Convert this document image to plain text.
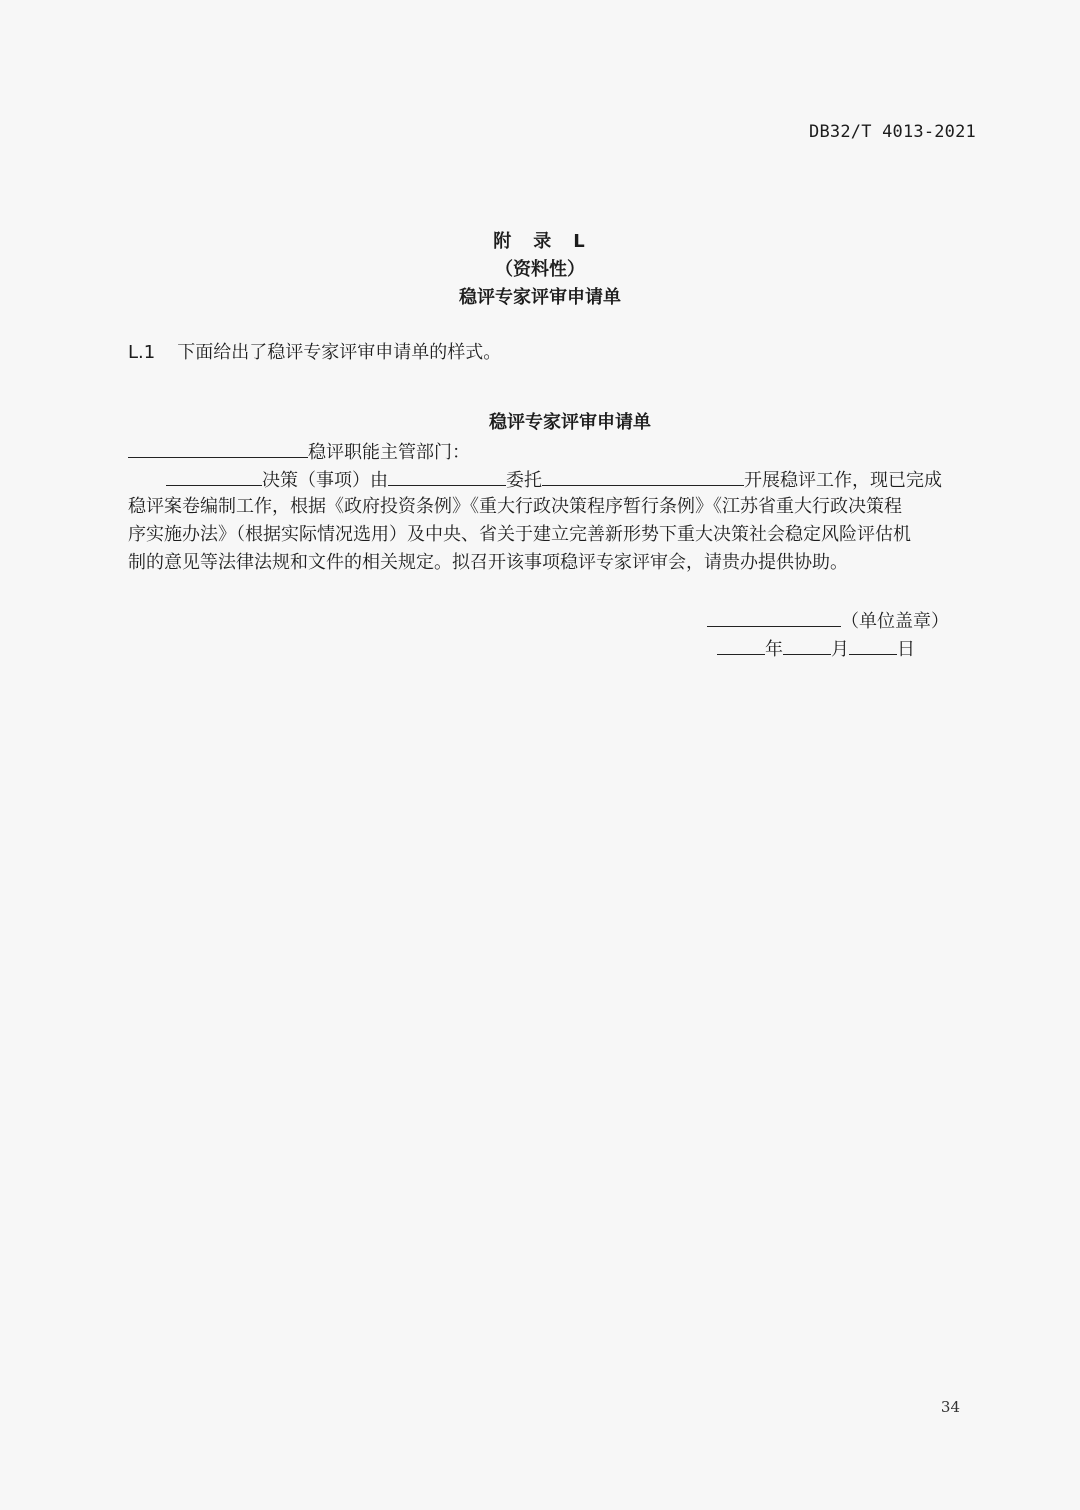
DB32/T 4013-2021
附　录　L
（资料性）
稳评专家评审申请单
L.1 下面给出了稳评专家评审申请单的样式。
稳评专家评审申请单
稳评职能主管部门：
决策（事项）由	委托	开展稳评工作，现已完成
稳评案卷编制工作，根据《政府投资条例》《重大行政决策程序暂行条例》《江苏省重大行政决策程
序实施办法》（根据实际情况选用）及中央、省关于建立完善新形势下重大决策社会稳定风险评估机
制的意见等法律法规和文件的相关规定。拟召开该事项稳评专家评审会，请贵办提供协助。
（单位盖章）
年	月	日
34
